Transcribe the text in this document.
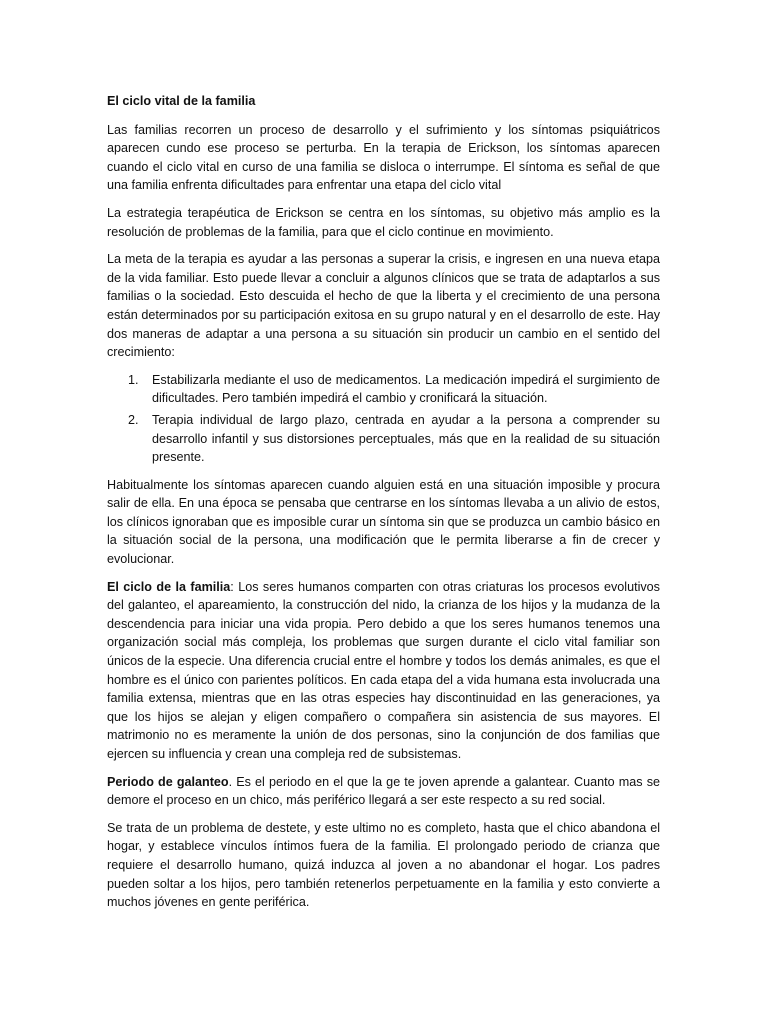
El ciclo vital de la familia

Las familias recorren un proceso de desarrollo y el sufrimiento y los síntomas psiquiátricos aparecen cundo ese proceso se perturba. En la terapia de Erickson, los síntomas aparecen cuando el ciclo vital en curso de una familia se disloca o interrumpe. El síntoma es señal de que una familia enfrenta dificultades para enfrentar una etapa del ciclo vital

La estrategia terapéutica de Erickson se centra en los síntomas, su objetivo más amplio es la resolución de problemas de la familia, para que el ciclo continue en movimiento.

La meta de la terapia es ayudar a las personas a superar la crisis, e ingresen en una nueva etapa de la vida familiar. Esto puede llevar a concluir a algunos clínicos que se trata de adaptarlos a sus familias o la sociedad. Esto descuida el hecho de que la liberta y el crecimiento de una persona están determinados por su participación exitosa en su grupo natural y en el desarrollo de este. Hay dos maneras de adaptar a una persona a su situación sin producir un cambio en el sentido del crecimiento:

1. Estabilizarla mediante el uso de medicamentos. La medicación impedirá el surgimiento de dificultades. Pero también impedirá el cambio y cronificará la situación.
2. Terapia individual de largo plazo, centrada en ayudar a la persona a comprender su desarrollo infantil y sus distorsiones perceptuales, más que en la realidad de su situación presente.

Habitualmente los síntomas aparecen cuando alguien está en una situación imposible y procura salir de ella. En una época se pensaba que centrarse en los síntomas llevaba a un alivio de estos, los clínicos ignoraban que es imposible curar un síntoma sin que se produzca un cambio básico en la situación social de la persona, una modificación que le permita liberarse a fin de crecer y evolucionar.

El ciclo de la familia: Los seres humanos comparten con otras criaturas los procesos evolutivos del galanteo, el apareamiento, la construcción del nido, la crianza de los hijos y la mudanza de la descendencia para iniciar una vida propia. Pero debido a que los seres humanos tenemos una organización social más compleja, los problemas que surgen durante el ciclo vital familiar son únicos de la especie. Una diferencia crucial entre el hombre y todos los demás animales, es que el hombre es el único con parientes políticos. En cada etapa del a vida humana esta involucrada una familia extensa, mientras que en las otras especies hay discontinuidad en las generaciones, ya que los hijos se alejan y eligen compañero o compañera sin asistencia de sus mayores. El matrimonio no es meramente la unión de dos personas, sino la conjunción de dos familias que ejercen su influencia y crean una compleja red de subsistemas.

Periodo de galanteo. Es el periodo en el que la ge te joven aprende a galantear. Cuanto mas se demore el proceso en un chico, más periférico llegará a ser este respecto a su red social.

Se trata de un problema de destete, y este ultimo no es completo, hasta que el chico abandona el hogar, y establece vínculos íntimos fuera de la familia. El prolongado periodo de crianza que requiere el desarrollo humano, quizá induzca al joven a no abandonar el hogar. Los padres pueden soltar a los hijos, pero también retenerlos perpetuamente en la familia y esto convierte a muchos jóvenes en gente periférica.
